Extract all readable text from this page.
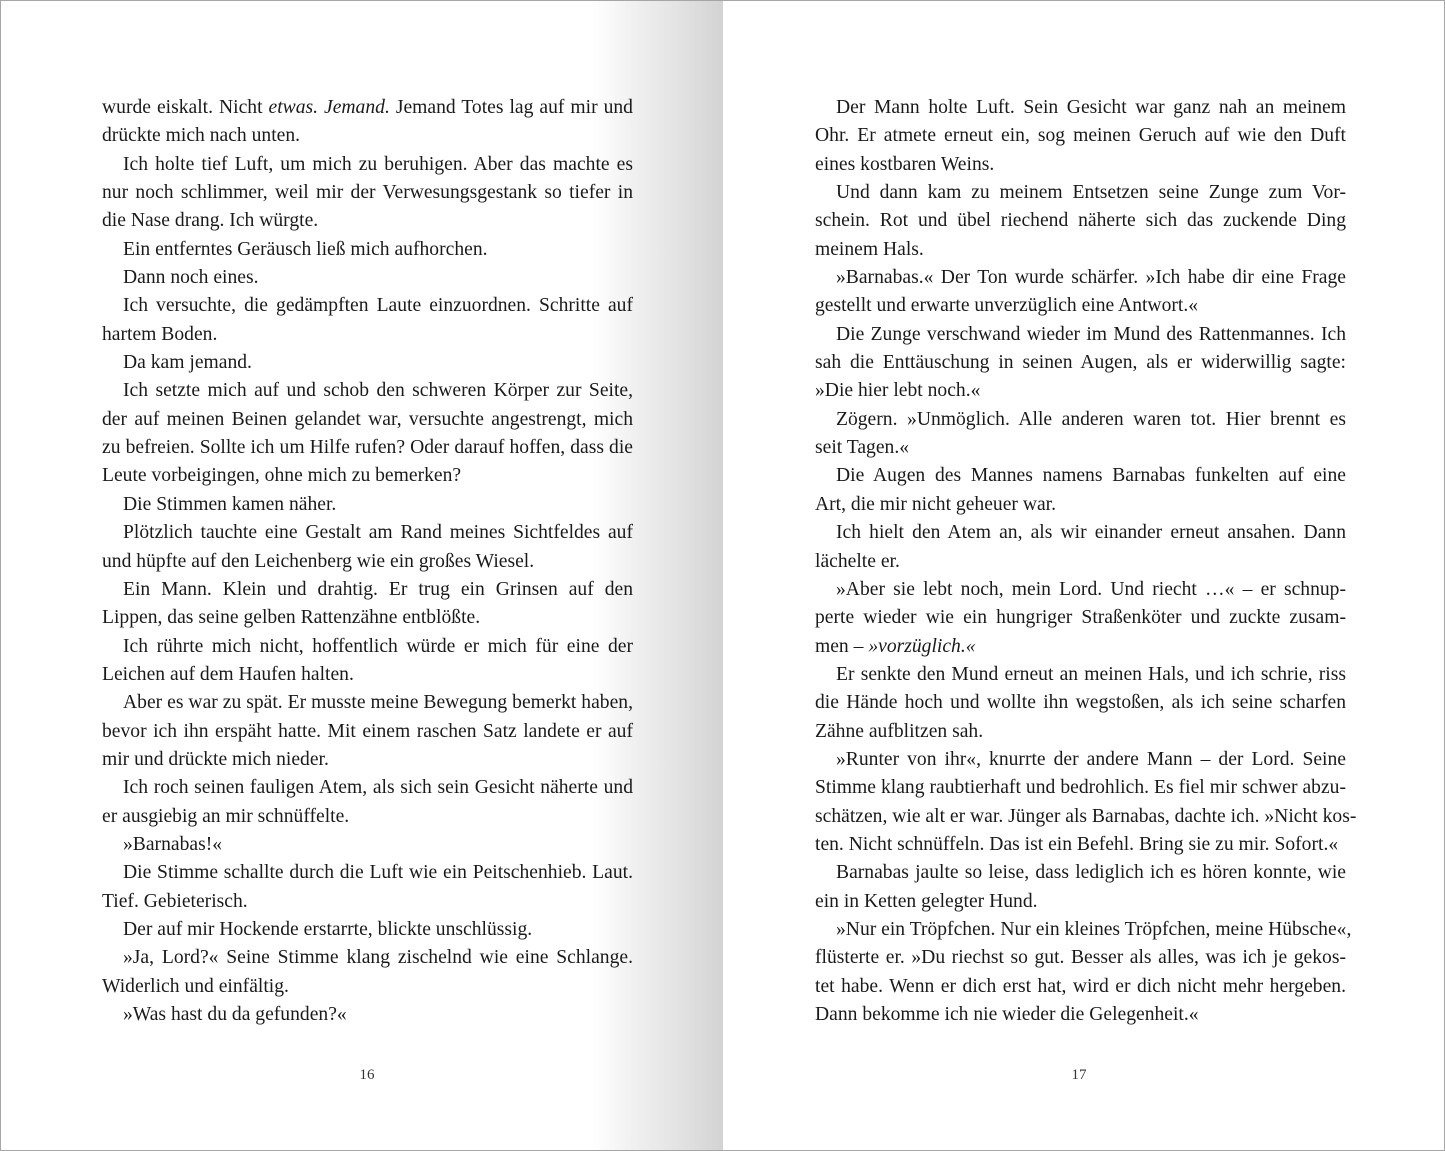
wurde eiskalt. Nicht etwas. Jemand. Jemand Totes lag auf mir und
drückte mich nach unten.
Ich holte tief Luft, um mich zu beruhigen. Aber das machte es
nur noch schlimmer, weil mir der Verwesungsgestank so tiefer in
die Nase drang. Ich würgte.
Ein entferntes Geräusch ließ mich aufhorchen.
Dann noch eines.
Ich versuchte, die gedämpften Laute einzuordnen. Schritte auf
hartem Boden.
Da kam jemand.
Ich setzte mich auf und schob den schweren Körper zur Seite,
der auf meinen Beinen gelandet war, versuchte angestrengt, mich
zu befreien. Sollte ich um Hilfe rufen? Oder darauf hoffen, dass die
Leute vorbeigingen, ohne mich zu bemerken?
Die Stimmen kamen näher.
Plötzlich tauchte eine Gestalt am Rand meines Sichtfeldes auf
und hüpfte auf den Leichenberg wie ein großes Wiesel.
Ein Mann. Klein und drahtig. Er trug ein Grinsen auf den
Lippen, das seine gelben Rattenzähne entblößte.
Ich rührte mich nicht, hoffentlich würde er mich für eine der
Leichen auf dem Haufen halten.
Aber es war zu spät. Er musste meine Bewegung bemerkt haben,
bevor ich ihn erspäht hatte. Mit einem raschen Satz landete er auf
mir und drückte mich nieder.
Ich roch seinen fauligen Atem, als sich sein Gesicht näherte und
er ausgiebig an mir schnüffelte.
»Barnabas!«
Die Stimme schallte durch die Luft wie ein Peitschenhieb. Laut.
Tief. Gebieterisch.
Der auf mir Hockende erstarrte, blickte unschlüssig.
»Ja, Lord?« Seine Stimme klang zischelnd wie eine Schlange.
Widerlich und einfältig.
»Was hast du da gefunden?«
16
Der Mann holte Luft. Sein Gesicht war ganz nah an meinem
Ohr. Er atmete erneut ein, sog meinen Geruch auf wie den Duft
eines kostbaren Weins.
Und dann kam zu meinem Entsetzen seine Zunge zum Vor-
schein. Rot und übel riechend näherte sich das zuckende Ding
meinem Hals.
»Barnabas.« Der Ton wurde schärfer. »Ich habe dir eine Frage
gestellt und erwarte unverzüglich eine Antwort.«
Die Zunge verschwand wieder im Mund des Rattenmannes. Ich
sah die Enttäuschung in seinen Augen, als er widerwillig sagte:
»Die hier lebt noch.«
Zögern. »Unmöglich. Alle anderen waren tot. Hier brennt es
seit Tagen.«
Die Augen des Mannes namens Barnabas funkelten auf eine
Art, die mir nicht geheuer war.
Ich hielt den Atem an, als wir einander erneut ansahen. Dann
lächelte er.
»Aber sie lebt noch, mein Lord. Und riecht …« – er schnup-
perte wieder wie ein hungriger Straßenköter und zuckte zusam-
men – »vorzüglich.«
Er senkte den Mund erneut an meinen Hals, und ich schrie, riss
die Hände hoch und wollte ihn wegstoßen, als ich seine scharfen
Zähne aufblitzen sah.
»Runter von ihr«, knurrte der andere Mann – der Lord. Seine
Stimme klang raubtierhaft und bedrohlich. Es fiel mir schwer abzu-
schätzen, wie alt er war. Jünger als Barnabas, dachte ich. »Nicht kos-
ten. Nicht schnüffeln. Das ist ein Befehl. Bring sie zu mir. Sofort.«
Barnabas jaulte so leise, dass lediglich ich es hören konnte, wie
ein in Ketten gelegter Hund.
»Nur ein Tröpfchen. Nur ein kleines Tröpfchen, meine Hübsche«,
flüsterte er. »Du riechst so gut. Besser als alles, was ich je gekos-
tet habe. Wenn er dich erst hat, wird er dich nicht mehr hergeben.
Dann bekomme ich nie wieder die Gelegenheit.«
17
